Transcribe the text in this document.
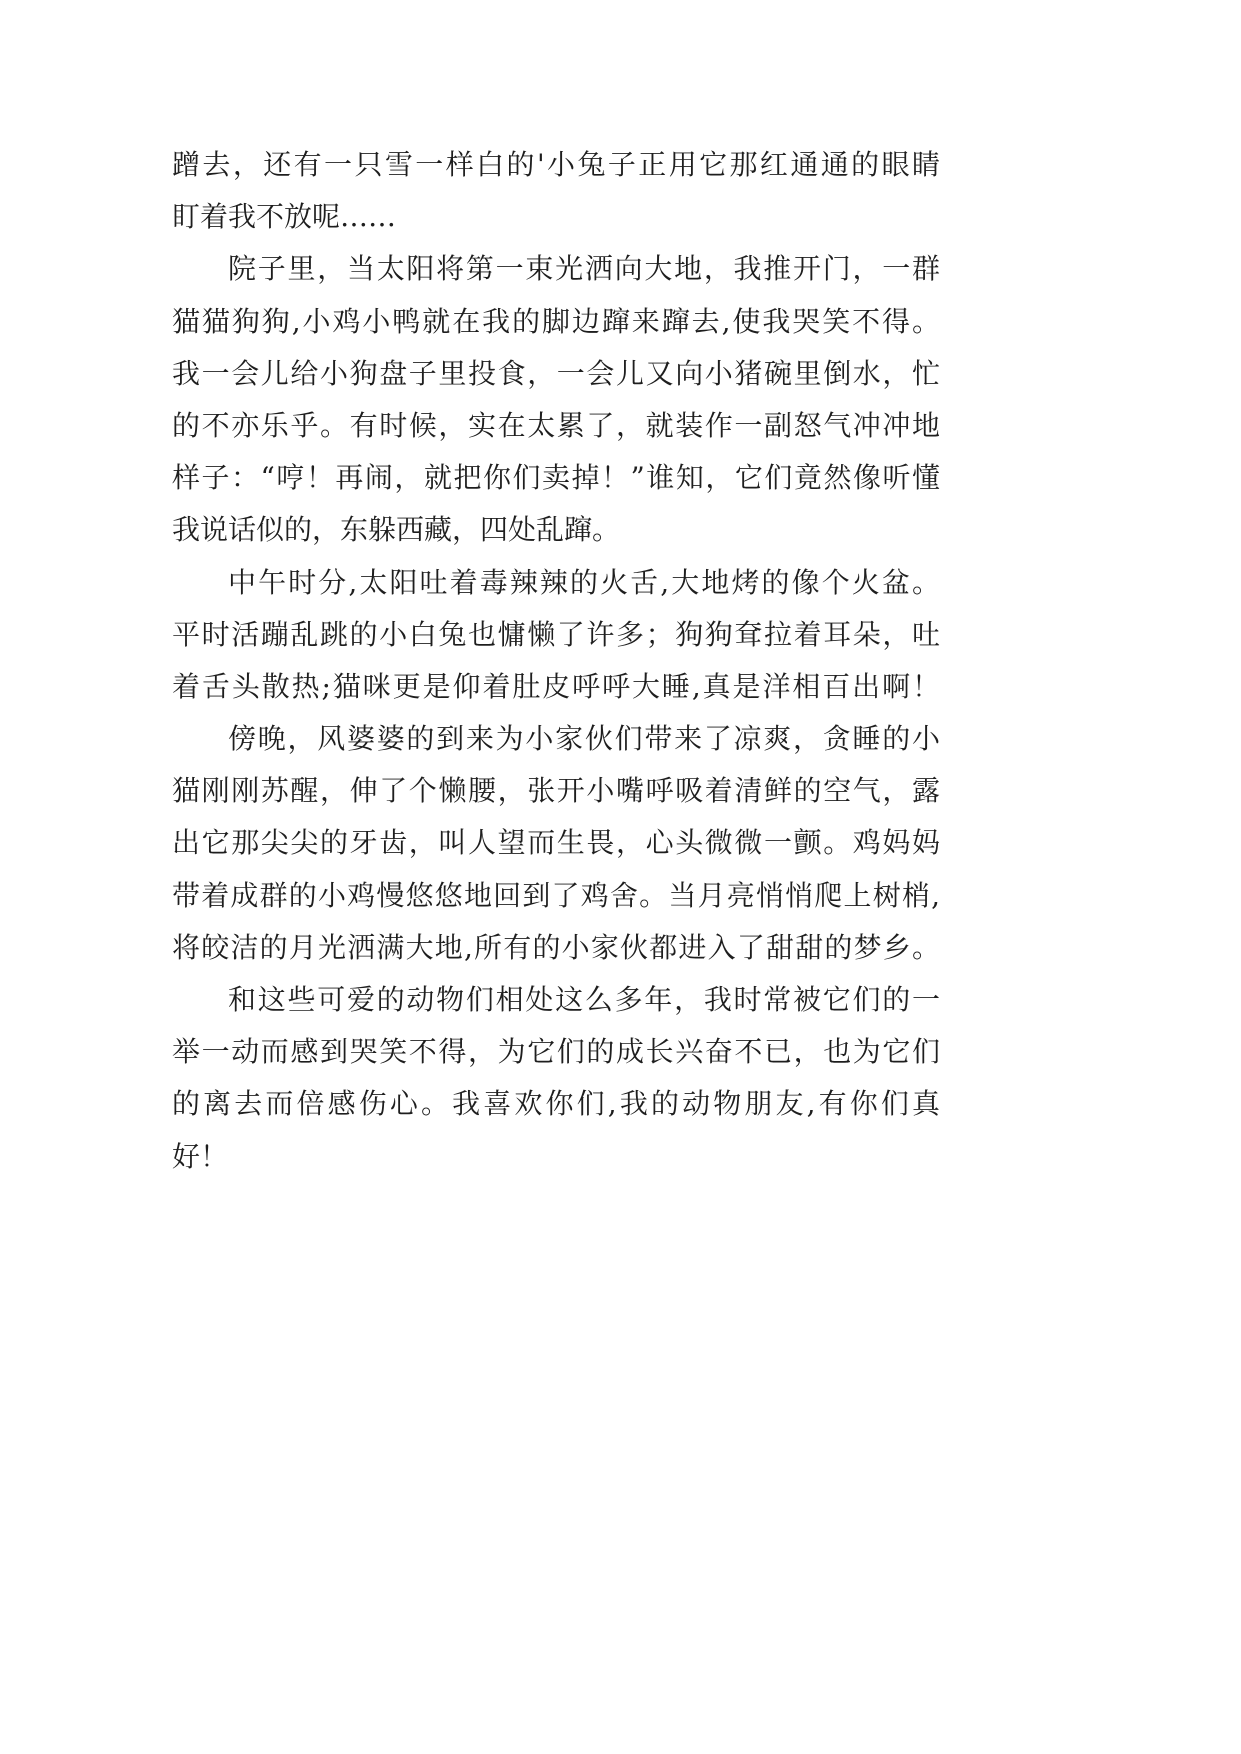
蹭去，还有一只雪一样白的'小兔子正用它那红通通的眼睛
盯着我不放呢……
院子里，当太阳将第一束光洒向大地，我推开门，一群
猫猫狗狗,小鸡小鸭就在我的脚边蹿来蹿去,使我哭笑不得。
我一会儿给小狗盘子里投食，一会儿又向小猪碗里倒水，忙
的不亦乐乎。有时候，实在太累了，就装作一副怒气冲冲地
样子：“哼！再闹，就把你们卖掉！”谁知，它们竟然像听懂
我说话似的，东躲西藏，四处乱蹿。
中午时分,太阳吐着毒辣辣的火舌,大地烤的像个火盆。
平时活蹦乱跳的小白兔也慵懒了许多；狗狗耷拉着耳朵，吐
着舌头散热;猫咪更是仰着肚皮呼呼大睡,真是洋相百出啊！
傍晚，风婆婆的到来为小家伙们带来了凉爽，贪睡的小
猫刚刚苏醒，伸了个懒腰，张开小嘴呼吸着清鲜的空气，露
出它那尖尖的牙齿，叫人望而生畏，心头微微一颤。鸡妈妈
带着成群的小鸡慢悠悠地回到了鸡舍。当月亮悄悄爬上树梢,
将皎洁的月光洒满大地,所有的小家伙都进入了甜甜的梦乡。
和这些可爱的动物们相处这么多年，我时常被它们的一
举一动而感到哭笑不得，为它们的成长兴奋不已，也为它们
的离去而倍感伤心。我喜欢你们,我的动物朋友,有你们真
好！
